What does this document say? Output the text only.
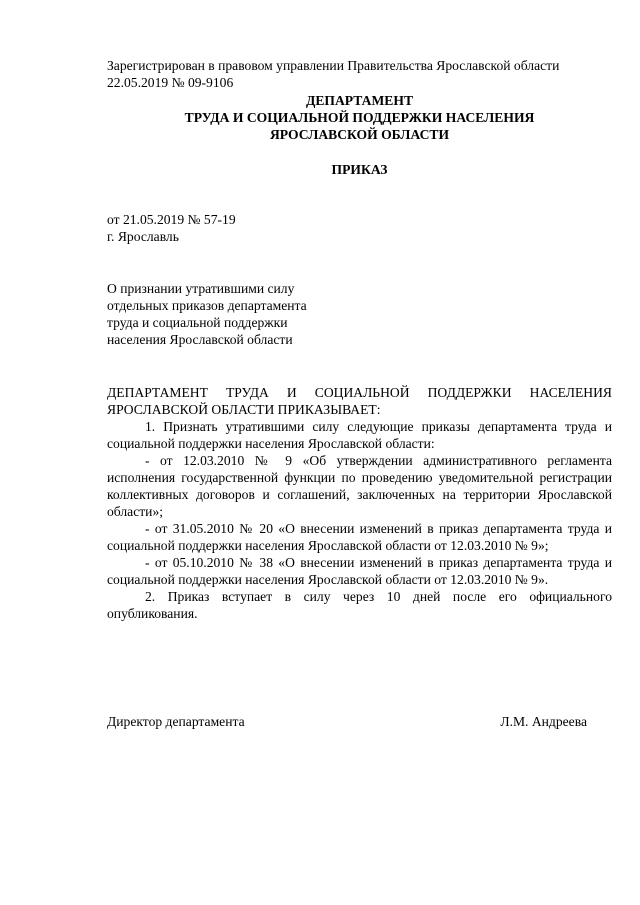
Зарегистрирован в правовом управлении Правительства Ярославской области
22.05.2019 № 09-9106
ДЕПАРТАМЕНТ
ТРУДА И СОЦИАЛЬНОЙ ПОДДЕРЖКИ НАСЕЛЕНИЯ
ЯРОСЛАВСКОЙ ОБЛАСТИ
ПРИКАЗ
от 21.05.2019 № 57-19
г. Ярославль
О признании утратившими силу
отдельных приказов департамента
труда и социальной поддержки
населения Ярославской области

ДЕПАРТАМЕНТ ТРУДА И СОЦИАЛЬНОЙ ПОДДЕРЖКИ НАСЕЛЕНИЯ ЯРОСЛАВСКОЙ ОБЛАСТИ ПРИКАЗЫВАЕТ:

1. Признать утратившими силу следующие приказы департамента труда и социальной поддержки населения Ярославской области:

- от 12.03.2010 № 9 «Об утверждении административного регламента исполнения государственной функции по проведению уведомительной регистрации коллективных договоров и соглашений, заключенных на территории Ярославской области»;

- от 31.05.2010 № 20 «О внесении изменений в приказ департамента труда и социальной поддержки населения Ярославской области от 12.03.2010 № 9»;

- от 05.10.2010 № 38 «О внесении изменений в приказ департамента труда и социальной поддержки населения Ярославской области от 12.03.2010 № 9».

2. Приказ вступает в силу через 10 дней после его официального опубликования.

Директор департамента	Л.М. Андреева
